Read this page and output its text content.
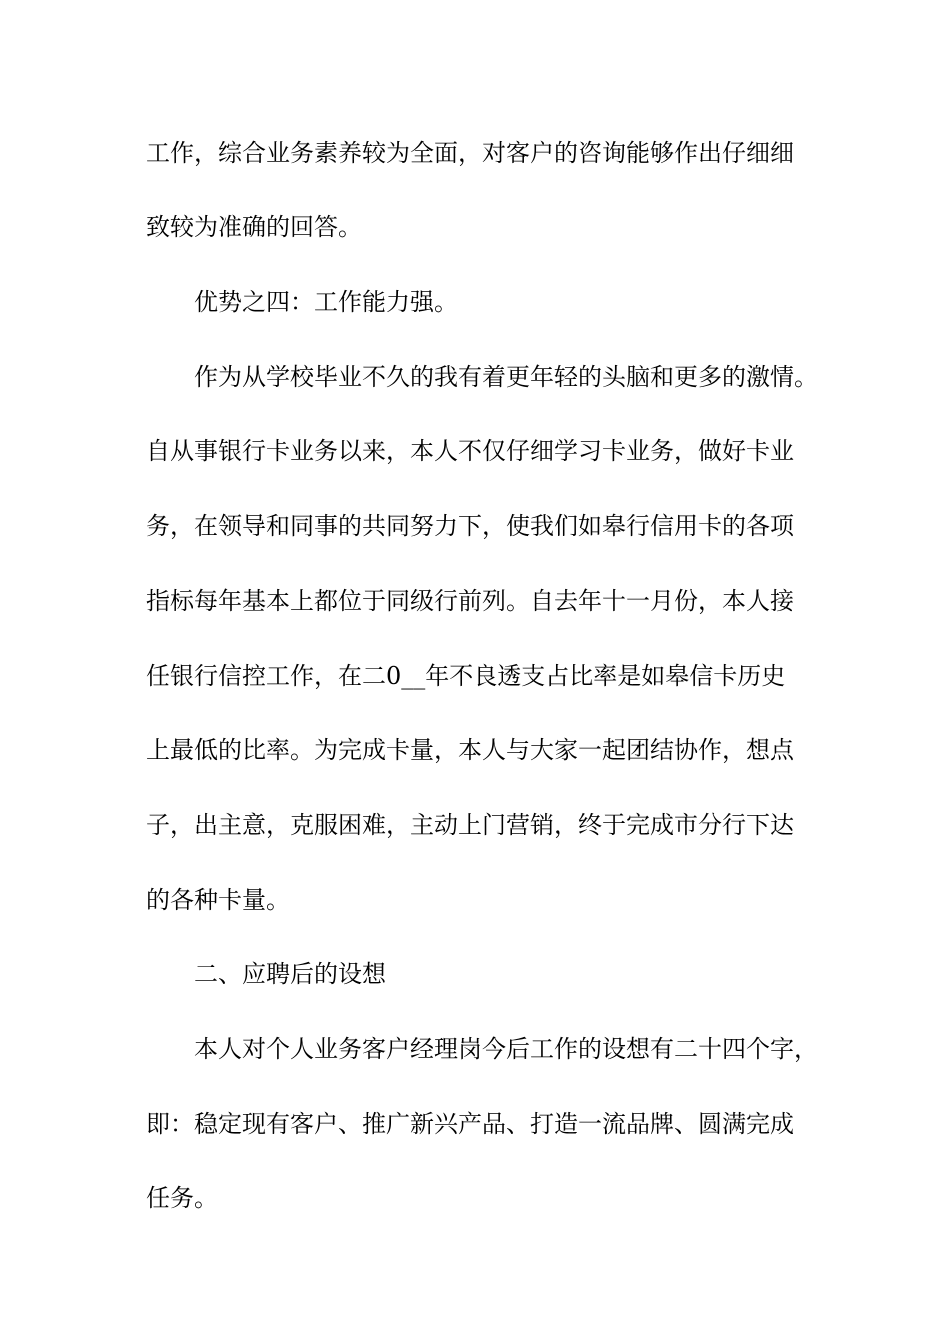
工作，综合业务素养较为全面，对客户的咨询能够作出仔细细
致较为准确的回答。
优势之四：工作能力强。
作为从学校毕业不久的我有着更年轻的头脑和更多的激情。
自从事银行卡业务以来，本人不仅仔细学习卡业务，做好卡业
务，在领导和同事的共同努力下，使我们如皋行信用卡的各项
指标每年基本上都位于同级行前列。自去年十一月份，本人接
任银行信控工作，在二0__年不良透支占比率是如皋信卡历史
上最低的比率。为完成卡量，本人与大家一起团结协作，想点
子，出主意，克服困难，主动上门营销，终于完成市分行下达
的各种卡量。
二、应聘后的设想
本人对个人业务客户经理岗今后工作的设想有二十四个字，
即：稳定现有客户、推广新兴产品、打造一流品牌、圆满完成
任务。
